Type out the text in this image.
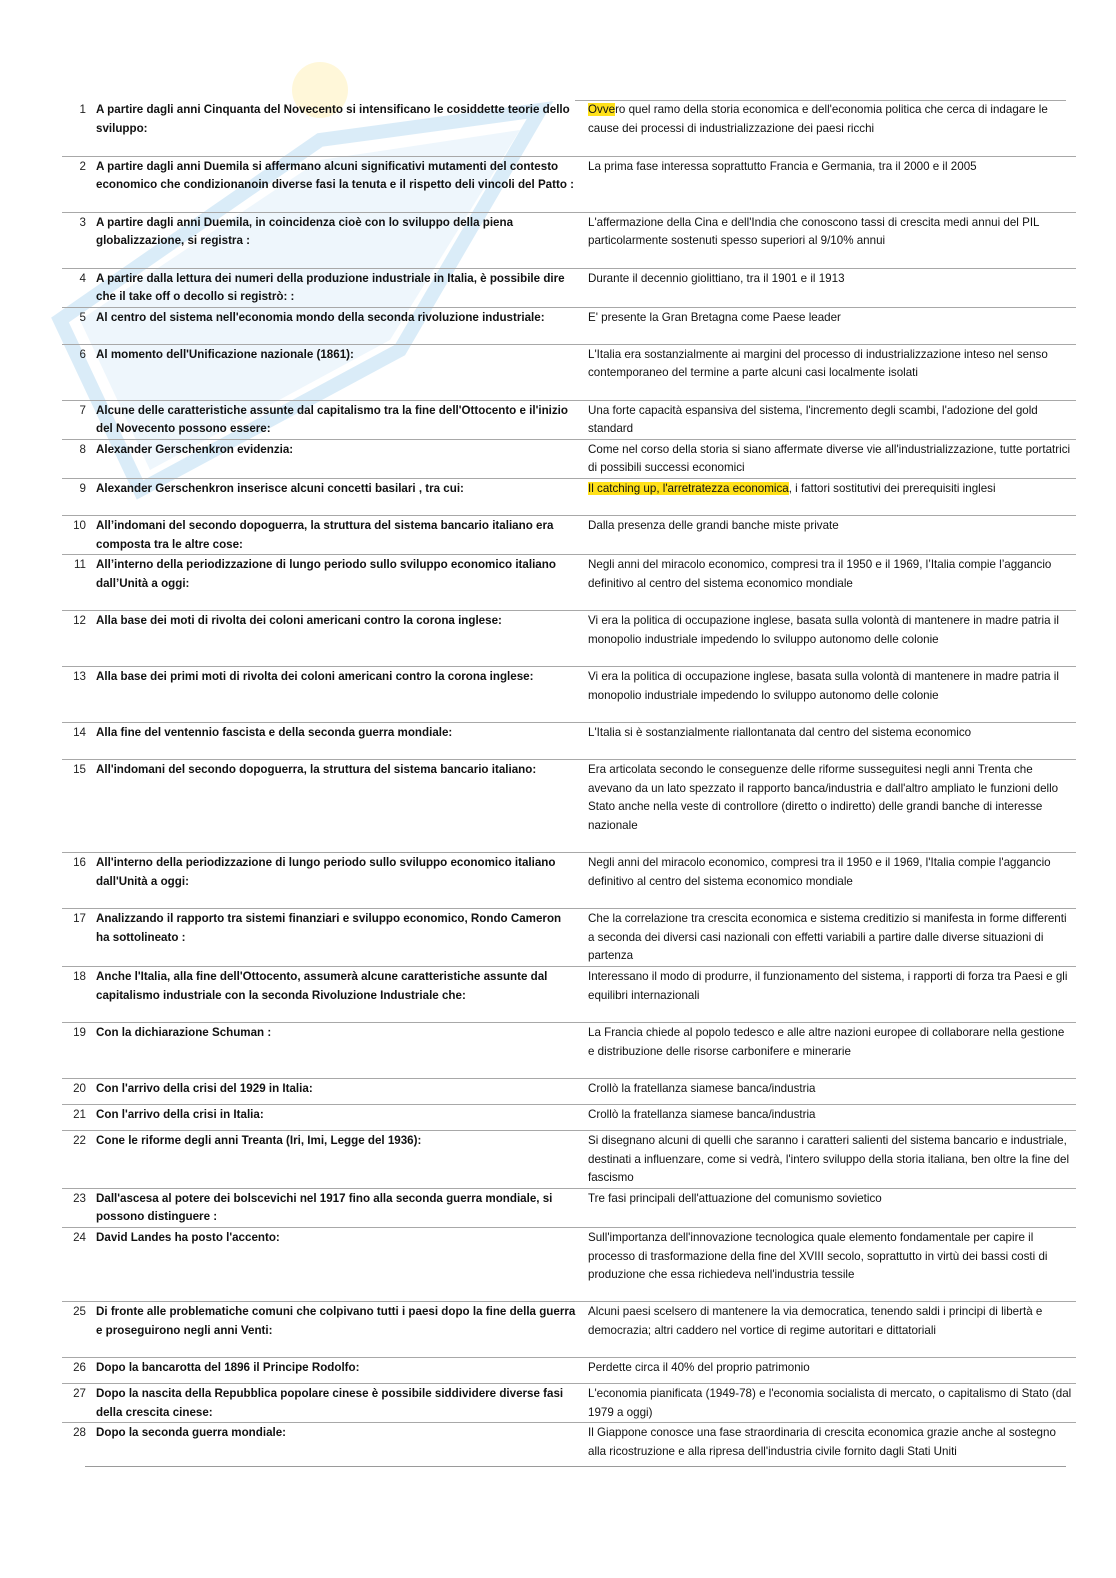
1	A partire dagli anni Cinquanta del Novecento si intensificano le cosiddette teorie dello sviluppo:	Ovvero quel ramo della storia economica e dell'economia politica che cerca di indagare le cause dei processi di industrializzazione dei paesi ricchi
2	A partire dagli anni Duemila si affermano alcuni significativi mutamenti del contesto economico che condizionanoin diverse fasi la tenuta e il rispetto deli vincoli del Patto :	La prima fase interessa soprattutto Francia e Germania, tra il 2000 e il 2005
3	A partire dagli anni Duemila, in coincidenza cioè con lo sviluppo della piena globalizzazione, si registra :	L'affermazione della Cina e dell'India che conoscono tassi di crescita medi annui del PIL particolarmente sostenuti spesso superiori al 9/10% annui
4	A partire dalla lettura dei numeri della produzione industriale in Italia, è possibile dire che il take off o decollo si registrò: :	Durante il decennio giolittiano, tra il 1901 e il 1913
5	Al centro del sistema nell'economia mondo della seconda rivoluzione industriale:	E' presente la Gran Bretagna come Paese leader
6	Al momento dell'Unificazione nazionale (1861):	L'Italia era sostanzialmente ai margini del processo di industrializzazione inteso nel senso contemporaneo del termine a parte alcuni casi localmente isolati
7	Alcune delle caratteristiche assunte dal capitalismo tra la fine dell'Ottocento e il'inizio del Novecento possono essere:	Una forte capacità espansiva del sistema, l'incremento degli scambi, l'adozione del gold standard
8	Alexander Gerschenkron evidenzia:	Come nel corso della storia si siano affermate diverse vie all'industrializzazione, tutte portatrici di possibili successi economici
9	Alexander Gerschenkron inserisce alcuni concetti basilari , tra cui:	Il catching up, l'arretratezza economica, i fattori sostitutivi dei prerequisiti inglesi
10	All’indomani del secondo dopoguerra, la struttura del sistema bancario italiano era composta tra le altre cose:	Dalla presenza delle grandi banche miste private
11	All’interno della periodizzazione di lungo periodo sullo sviluppo economico italiano dall’Unità a oggi:	Negli anni del miracolo economico, compresi tra il 1950 e il 1969, l’Italia compie l’aggancio definitivo al centro del sistema economico mondiale
12	Alla base dei moti di rivolta dei coloni americani contro la corona inglese:	Vi era la politica di occupazione inglese, basata sulla volontà di mantenere in madre patria il monopolio industriale impedendo lo sviluppo autonomo delle colonie
13	Alla base dei primi moti di rivolta dei coloni americani contro la corona inglese:	Vi era la politica di occupazione inglese, basata sulla volontà di mantenere in madre patria il monopolio industriale impedendo lo sviluppo autonomo delle colonie
14	Alla fine del ventennio fascista e della seconda guerra mondiale:	L'Italia si è sostanzialmente riallontanata dal centro del sistema economico
15	All'indomani del secondo dopoguerra, la struttura del sistema bancario italiano:	Era articolata secondo le conseguenze delle riforme susseguitesi negli anni Trenta che avevano da un lato spezzato il rapporto banca/industria e dall'altro ampliato le funzioni dello Stato anche nella veste di controllore (diretto o indiretto) delle grandi banche di interesse nazionale
16	All'interno della periodizzazione di lungo periodo sullo sviluppo economico italiano dall'Unità a oggi:	Negli anni del miracolo economico, compresi tra il 1950 e il 1969, l'Italia compie l'aggancio definitivo al centro del sistema economico mondiale
17	Analizzando il rapporto tra sistemi finanziari e sviluppo economico, Rondo Cameron ha sottolineato :	Che la correlazione tra crescita economica e sistema creditizio si manifesta in forme differenti a seconda dei diversi casi nazionali con effetti variabili a partire dalle diverse situazioni di partenza
18	Anche l'Italia, alla fine dell'Ottocento, assumerà alcune caratteristiche assunte dal capitalismo industriale con la seconda Rivoluzione Industriale che:	Interessano il modo di produrre, il funzionamento del sistema, i rapporti di forza tra Paesi e gli equilibri internazionali
19	Con la dichiarazione Schuman :	La Francia chiede al popolo tedesco e alle altre nazioni europee di collaborare nella gestione e distribuzione delle risorse carbonifere e minerarie
20	Con l'arrivo della crisi del 1929 in Italia:	Crollò la fratellanza siamese banca/industria
21	Con l'arrivo della crisi in Italia:	Crollò la fratellanza siamese banca/industria
22	Cone le riforme degli anni Treanta (Iri, Imi, Legge del 1936):	Si disegnano alcuni di quelli che saranno i caratteri salienti del sistema bancario e industriale, destinati a influenzare, come si vedrà, l'intero sviluppo della storia italiana, ben oltre la fine del fascismo
23	Dall'ascesa al potere dei bolscevichi nel 1917 fino alla seconda guerra mondiale, si possono distinguere :	Tre fasi principali dell'attuazione del comunismo sovietico
24	David Landes ha posto l'accento:	Sull'importanza dell'innovazione tecnologica quale elemento fondamentale per capire il processo di trasformazione della fine del XVIII secolo, soprattutto in virtù dei bassi costi di produzione che essa richiedeva nell'industria tessile
25	Di fronte alle problematiche comuni che colpivano tutti i paesi dopo la fine della guerra e proseguirono negli anni Venti:	Alcuni paesi scelsero di mantenere la via democratica, tenendo saldi i principi di libertà e democrazia; altri caddero nel vortice di regime autoritari e dittatoriali
26	Dopo la bancarotta del 1896 il Principe Rodolfo:	Perdette circa il 40% del proprio patrimonio
27	Dopo la nascita della Repubblica popolare cinese è possibile siddividere diverse fasi della crescita cinese:	L'economia pianificata (1949-78) e l'economia socialista di mercato, o capitalismo di Stato (dal 1979 a oggi)
28	Dopo la seconda guerra mondiale:	Il Giappone conosce una fase straordinaria di crescita economica grazie anche al sostegno alla ricostruzione e alla ripresa dell'industria civile fornito dagli Stati Uniti
